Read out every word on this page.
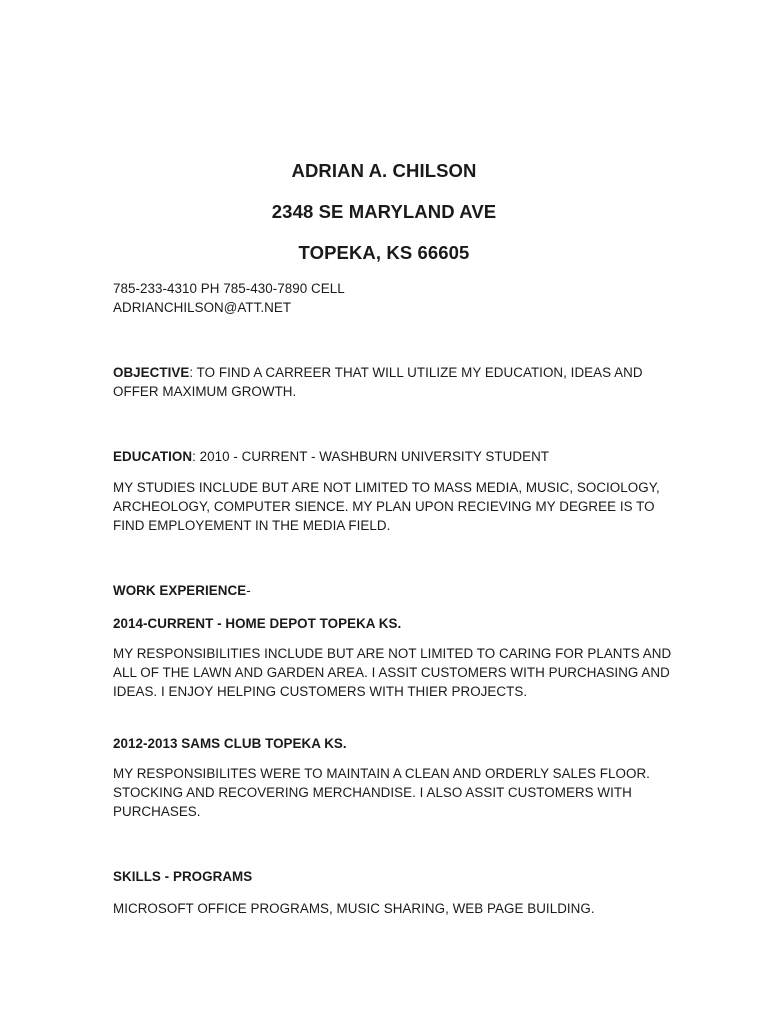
ADRIAN A. CHILSON
2348 SE MARYLAND AVE
TOPEKA, KS 66605
785-233-4310 PH 785-430-7890 CELL
ADRIANCHILSON@ATT.NET
OBJECTIVE: TO FIND A CARREER THAT WILL UTILIZE MY EDUCATION, IDEAS AND OFFER MAXIMUM GROWTH.
EDUCATION: 2010 - CURRENT - WASHBURN UNIVERSITY STUDENT
MY STUDIES INCLUDE BUT ARE NOT LIMITED TO MASS MEDIA, MUSIC, SOCIOLOGY, ARCHEOLOGY, COMPUTER SIENCE. MY PLAN UPON RECIEVING MY DEGREE IS TO FIND EMPLOYEMENT IN THE MEDIA FIELD.
WORK EXPERIENCE-
2014-CURRENT - HOME DEPOT TOPEKA KS.
MY RESPONSIBILITIES INCLUDE BUT ARE NOT LIMITED TO CARING FOR PLANTS AND ALL OF THE LAWN AND GARDEN AREA. I ASSIT CUSTOMERS WITH PURCHASING AND IDEAS. I ENJOY HELPING CUSTOMERS WITH THIER PROJECTS.
2012-2013 SAMS CLUB TOPEKA KS.
MY RESPONSIBILITES WERE TO MAINTAIN A CLEAN AND ORDERLY SALES FLOOR. STOCKING AND RECOVERING MERCHANDISE. I ALSO ASSIT CUSTOMERS WITH PURCHASES.
SKILLS - PROGRAMS
MICROSOFT OFFICE PROGRAMS, MUSIC SHARING, WEB PAGE BUILDING.
